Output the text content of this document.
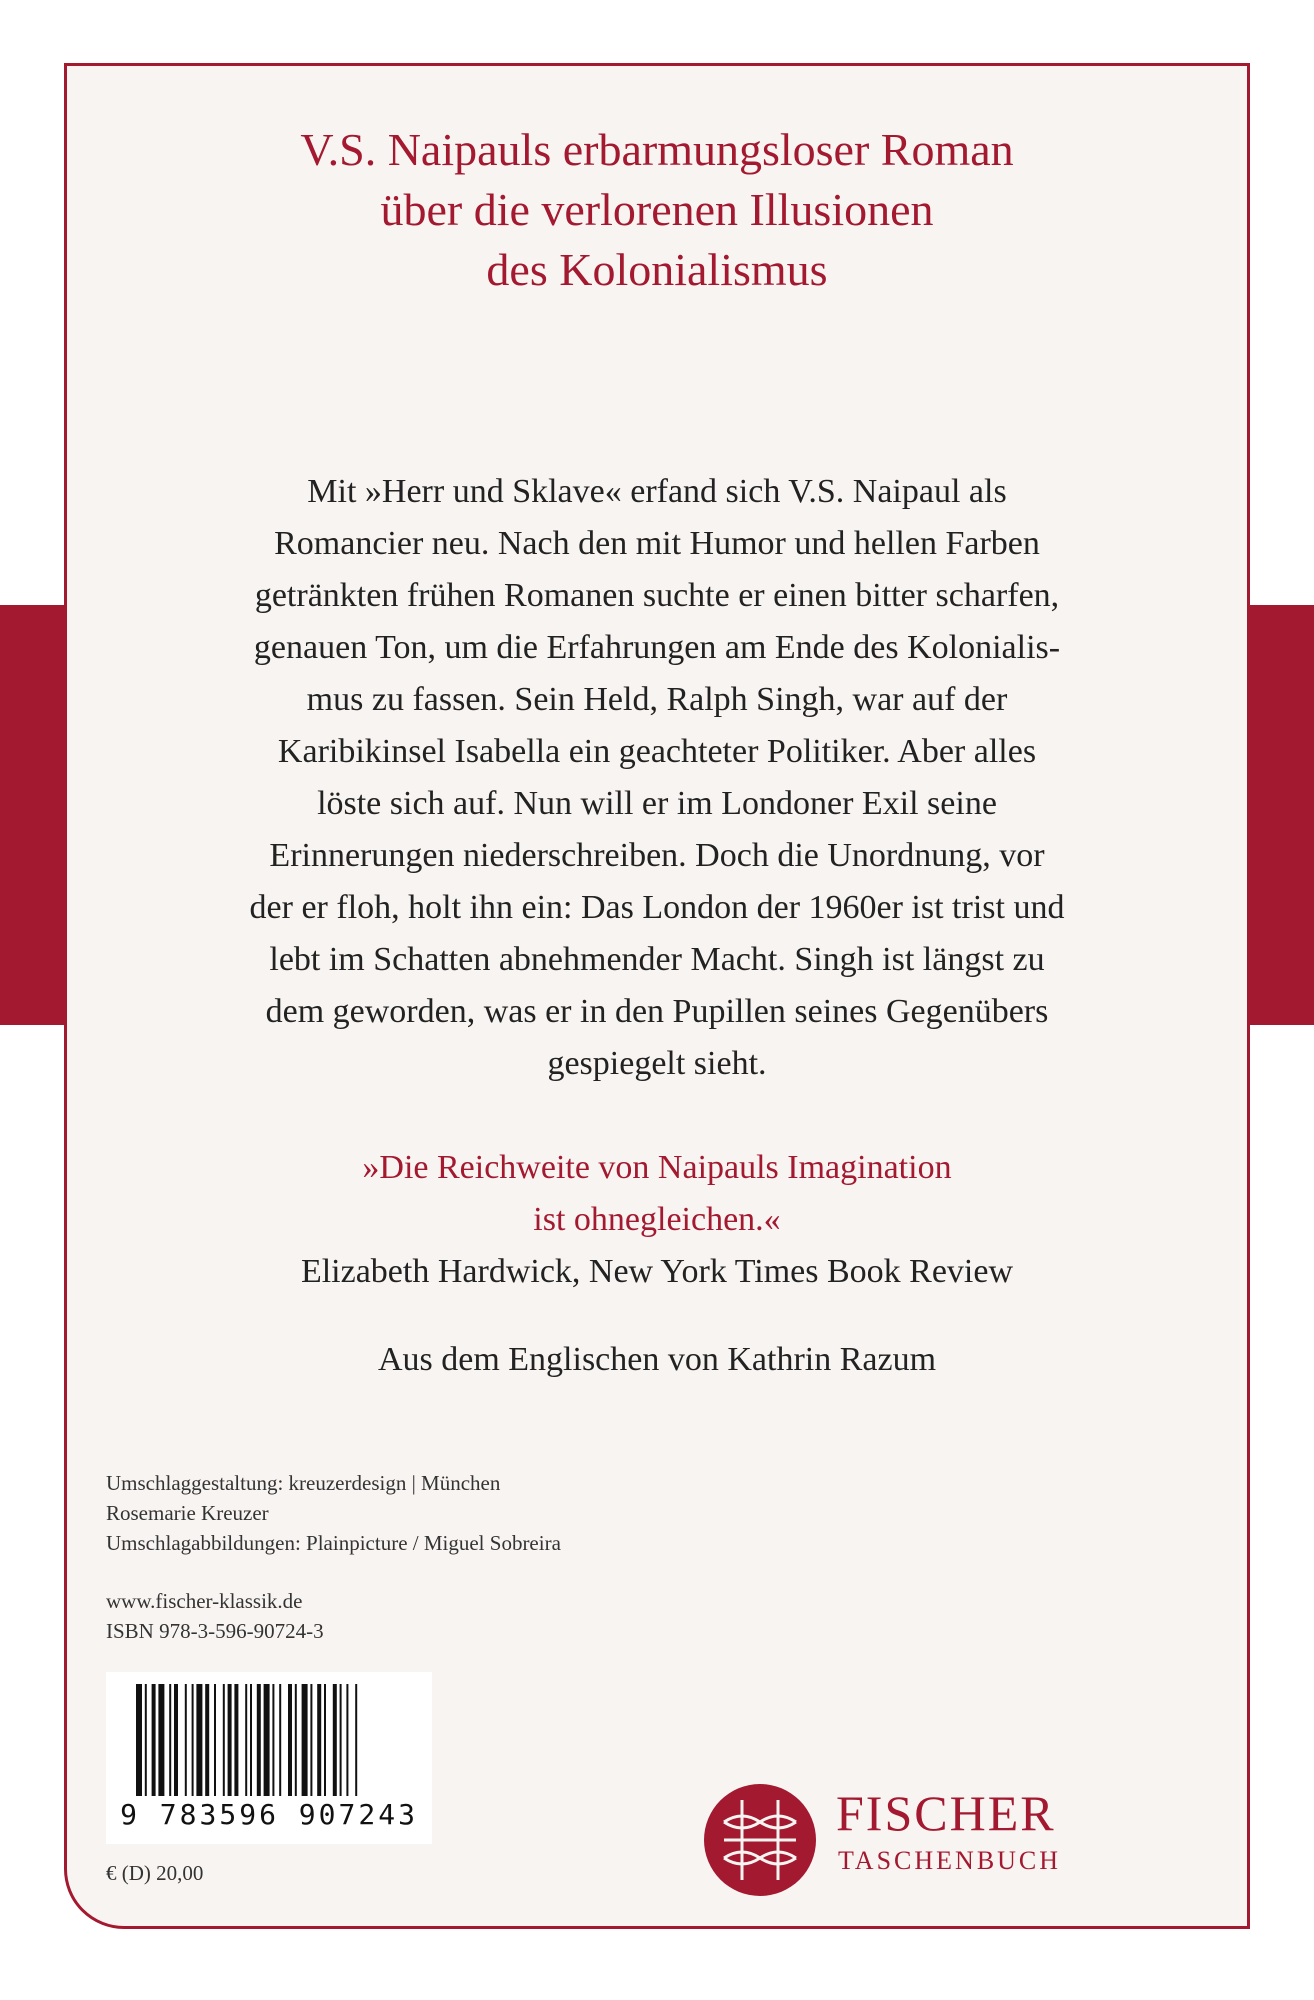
V.S. Naipauls erbarmungsloser Roman
über die verlorenen Illusionen
des Kolonialismus
Mit »Herr und Sklave« erfand sich V.S. Naipaul als
Romancier neu. Nach den mit Humor und hellen Farben
getränkten frühen Romanen suchte er einen bitter scharfen,
genauen Ton, um die Erfahrungen am Ende des Kolonialis-
mus zu fassen. Sein Held, Ralph Singh, war auf der
Karibikinsel Isabella ein geachteter Politiker. Aber alles
löste sich auf. Nun will er im Londoner Exil seine
Erinnerungen niederschreiben. Doch die Unordnung, vor
der er floh, holt ihn ein: Das London der 1960er ist trist und
lebt im Schatten abnehmender Macht. Singh ist längst zu
dem geworden, was er in den Pupillen seines Gegenübers
gespiegelt sieht.
»Die Reichweite von Naipauls Imagination
ist ohnegleichen.«
Elizabeth Hardwick, New York Times Book Review
Aus dem Englischen von Kathrin Razum
Umschlaggestaltung: kreuzerdesign | München
Rosemarie Kreuzer
Umschlagabbildungen: Plainpicture / Miguel Sobreira
www.fischer-klassik.de
ISBN 978-3-596-90724-3
9 783596 907243
€ (D) 20,00
FISCHER
TASCHENBUCH
